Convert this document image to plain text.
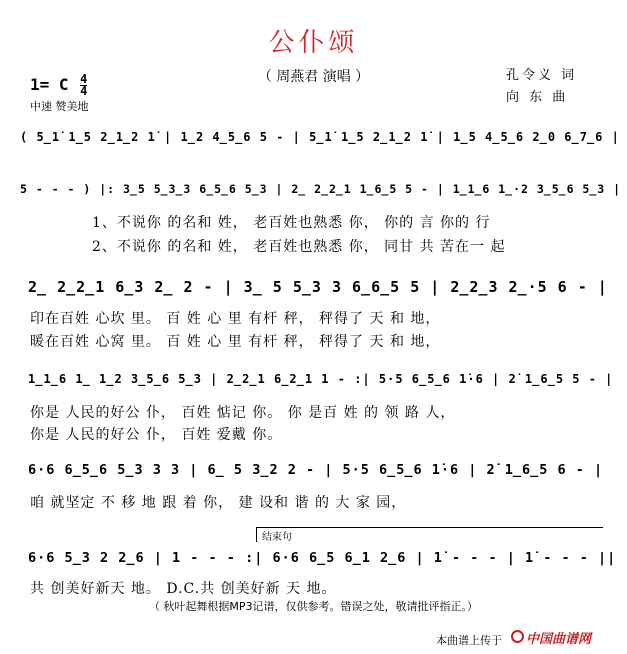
公仆颂
（ 周燕君 演唱 ）	孔令义 词
向 东 曲
1= C $\frac{4}{4}$
中速 赞美地
( 5̲1̇ 1̲5 2̲1̲2 1̇ | 1̲2 4̲5̲6 5 - | 5̲1̇ 1̲5 2̲1̲2 1̇ | 1̲5 4̲5̲6 2̲0 6̲7̲6 |
5 - - - ) |: 3̲5 5̲3̲3 6̲5̲6 5̲3 | 2̲ 2̲2̲1 1̲6̲5 5 - | 1̲1̲6 1̲·2 3̲5̲6 5̲3 |
1、不说你 的名和 姓， 老百姓也熟悉 你， 你的 言 你的 行
2、不说你 的名和 姓， 老百姓也熟悉 你， 同甘 共 苦在一 起
2̲ 2̲2̲1 6̲3 2̲ 2 - | 3̲ 5 5̲3 3 6̲6̲5 5 | 2̲2̲3 2̲·5 6 - |
印在百姓 心坎 里。 百 姓 心 里 有杆 秤， 秤得了 天 和 地，
暖在百姓 心窝 里。 百 姓 心 里 有杆 秤， 秤得了 天 和 地，
1̲1̲6 1̲ 1̲2 3̲5̲6 5̲3 | 2̲2̲1 6̲2̲1 1 - :| 5·5 6̲5̲6 1̇·6 | 2̇ 1̲6̲5 5 - |
你是 人民的好公 仆， 百姓 惦记 你。 你 是百 姓 的 领 路 人，
你是 人民的好公 仆， 百姓 爱戴 你。
6·6 6̲5̲6 5̲3 3 3 | 6̲ 5 3̲2 2 - | 5·5 6̲5̲6 1̇·6 | 2̇ 1̲6̲5 6 - |
咱 就坚定 不 移 地 跟 着 你， 建 设和 谐 的 大 家 园，
结束句
6·6 5̲3 2 2̲6 | 1 - - - :| 6·6 6̲5 6̲1 2̲6 | 1̇ - - - | 1̇ - - - ||
共 创美好新天 地。 D.C.共 创美好新 天 地。
（ 秋叶起舞根据MP3记谱，仅供参考。错误之处，敬请批评指正。）
本曲谱上传于 中国曲谱网
